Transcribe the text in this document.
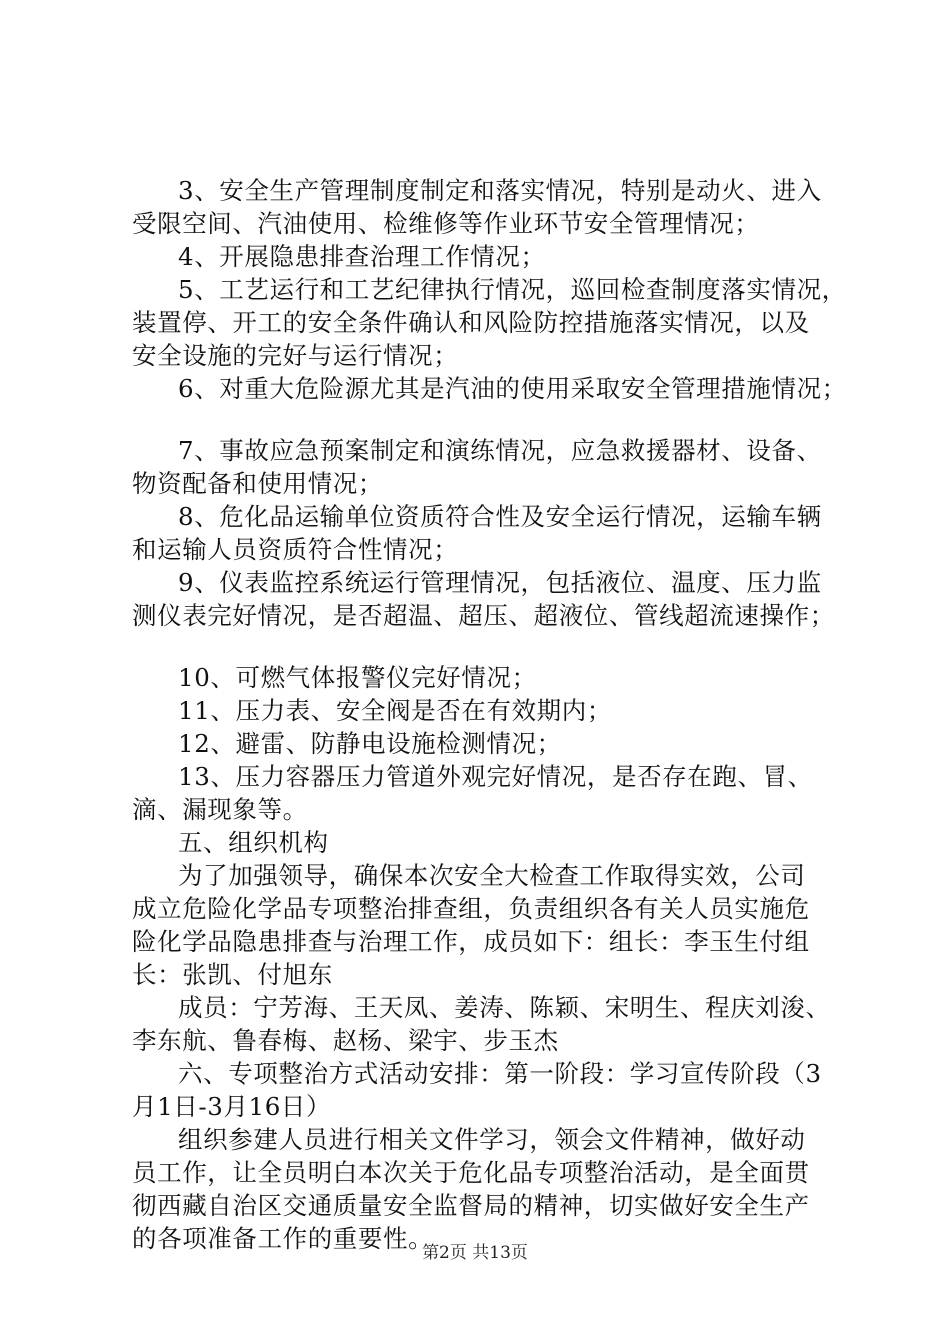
3、安全生产管理制度制定和落实情况，特别是动火、进入
受限空间、汽油使用、检维修等作业环节安全管理情况；
4、开展隐患排查治理工作情况；
5、工艺运行和工艺纪律执行情况，巡回检查制度落实情况，
装置停、开工的安全条件确认和风险防控措施落实情况，以及
安全设施的完好与运行情况；
6、对重大危险源尤其是汽油的使用采取安全管理措施情况；
7、事故应急预案制定和演练情况，应急救援器材、设备、
物资配备和使用情况；
8、危化品运输单位资质符合性及安全运行情况，运输车辆
和运输人员资质符合性情况；
9、仪表监控系统运行管理情况，包括液位、温度、压力监
测仪表完好情况，是否超温、超压、超液位、管线超流速操作；
10、可燃气体报警仪完好情况；
11、压力表、安全阀是否在有效期内；
12、避雷、防静电设施检测情况；
13、压力容器压力管道外观完好情况，是否存在跑、冒、
滴、漏现象等。
五、组织机构
为了加强领导，确保本次安全大检查工作取得实效，公司
成立危险化学品专项整治排查组，负责组织各有关人员实施危
险化学品隐患排查与治理工作，成员如下：组长：李玉生付组
长：张凯、付旭东
成员：宁芳海、王天凤、姜涛、陈颖、宋明生、程庆刘浚、
李东航、鲁春梅、赵杨、梁宇、步玉杰
六、专项整治方式活动安排：第一阶段：学习宣传阶段（3
月1日-3月16日）
组织参建人员进行相关文件学习，领会文件精神，做好动
员工作，让全员明白本次关于危化品专项整治活动，是全面贯
彻西藏自治区交通质量安全监督局的精神，切实做好安全生产
的各项准备工作的重要性。
第2页 共13页
